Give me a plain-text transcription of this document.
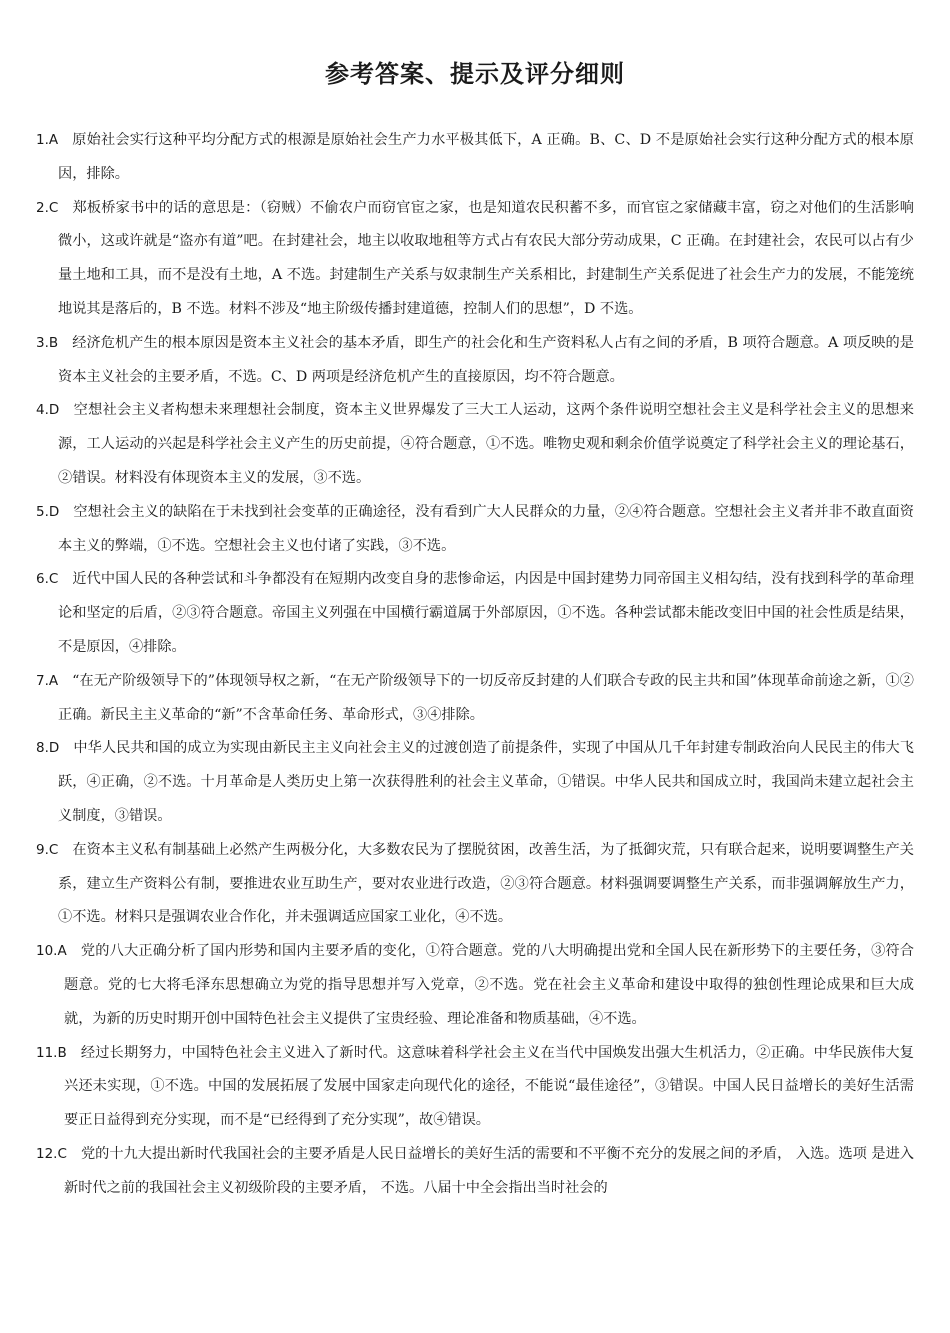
参考答案、提示及评分细则

1.A 原始社会实行这种平均分配方式的根源是原始社会生产力水平极其低下，A 正确。B、C、D 不是原始社会实行这种分配方式的根本原因，排除。

2.C 郑板桥家书中的话的意思是：（窃贼）不偷农户而窃官宦之家，也是知道农民积蓄不多，而官宦之家储藏丰富，窃之对他们的生活影响微小，这或许就是“盗亦有道”吧。在封建社会，地主以收取地租等方式占有农民大部分劳动成果，C 正确。在封建社会，农民可以占有少量土地和工具，而不是没有土地，A 不选。封建制生产关系与奴隶制生产关系相比，封建制生产关系促进了社会生产力的发展，不能笼统地说其是落后的，B 不选。材料不涉及“地主阶级传播封建道德，控制人们的思想”，D 不选。

3.B 经济危机产生的根本原因是资本主义社会的基本矛盾，即生产的社会化和生产资料私人占有之间的矛盾，B 项符合题意。A 项反映的是资本主义社会的主要矛盾，不选。C、D 两项是经济危机产生的直接原因，均不符合题意。

4.D 空想社会主义者构想未来理想社会制度，资本主义世界爆发了三大工人运动，这两个条件说明空想社会主义是科学社会主义的思想来源，工人运动的兴起是科学社会主义产生的历史前提，④符合题意，①不选。唯物史观和剩余价值学说奠定了科学社会主义的理论基石，②错误。材料没有体现资本主义的发展，③不选。

5.D 空想社会主义的缺陷在于未找到社会变革的正确途径，没有看到广大人民群众的力量，②④符合题意。空想社会主义者并非不敢直面资本主义的弊端，①不选。空想社会主义也付诸了实践，③不选。

6.C 近代中国人民的各种尝试和斗争都没有在短期内改变自身的悲惨命运，内因是中国封建势力同帝国主义相勾结，没有找到科学的革命理论和坚定的后盾，②③符合题意。帝国主义列强在中国横行霸道属于外部原因，①不选。各种尝试都未能改变旧中国的社会性质是结果，不是原因，④排除。

7.A “在无产阶级领导下的”体现领导权之新，“在无产阶级领导下的一切反帝反封建的人们联合专政的民主共和国”体现革命前途之新，①②正确。新民主主义革命的“新”不含革命任务、革命形式，③④排除。

8.D 中华人民共和国的成立为实现由新民主主义向社会主义的过渡创造了前提条件，实现了中国从几千年封建专制政治向人民民主的伟大飞跃，④正确，②不选。十月革命是人类历史上第一次获得胜利的社会主义革命，①错误。中华人民共和国成立时，我国尚未建立起社会主义制度，③错误。

9.C 在资本主义私有制基础上必然产生两极分化，大多数农民为了摆脱贫困，改善生活，为了抵御灾荒，只有联合起来，说明要调整生产关系，建立生产资料公有制，要推进农业互助生产，要对农业进行改造，②③符合题意。材料强调要调整生产关系，而非强调解放生产力，①不选。材料只是强调农业合作化，并未强调适应国家工业化，④不选。

10.A 党的八大正确分析了国内形势和国内主要矛盾的变化，①符合题意。党的八大明确提出党和全国人民在新形势下的主要任务，③符合题意。党的七大将毛泽东思想确立为党的指导思想并写入党章，②不选。党在社会主义革命和建设中取得的独创性理论成果和巨大成就，为新的历史时期开创中国特色社会主义提供了宝贵经验、理论准备和物质基础，④不选。

11.B 经过长期努力，中国特色社会主义进入了新时代。这意味着科学社会主义在当代中国焕发出强大生机活力，②正确。中华民族伟大复兴还未实现，①不选。中国的发展拓展了发展中国家走向现代化的途径，不能说“最佳途径”，③错误。中国人民日益增长的美好生活需要正日益得到充分实现，而不是“已经得到了充分实现”，故④错误。

12.C 党的十九大提出新时代我国社会的主要矛盾是人民日益增长的美好生活的需要和不平衡不充分的发展之间的矛盾， 入选。选项 是进入新时代之前的我国社会主义初级阶段的主要矛盾， 不选。八届十中全会指出当时社会的
